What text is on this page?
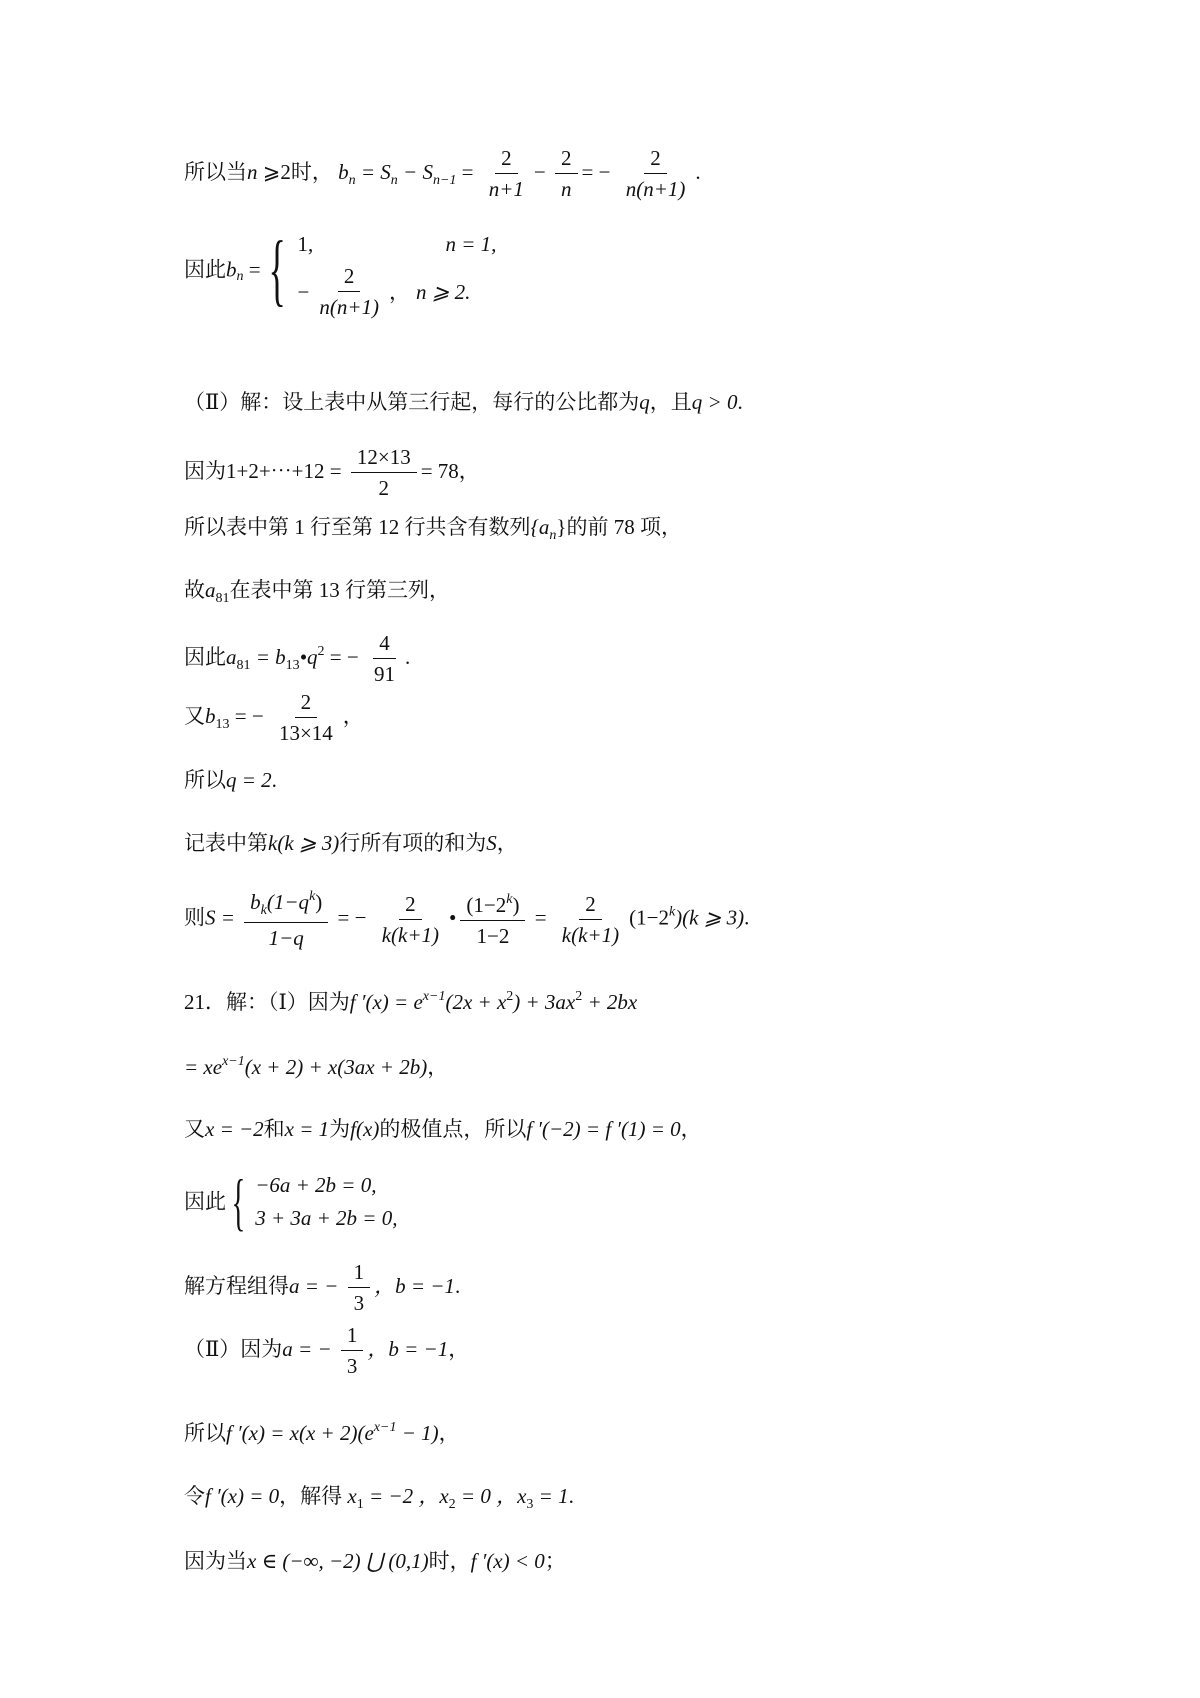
所以当n ⩾2时， $b_n = S_n - S_{n-1} = \frac{2}{n+1} - \frac{2}{n}$ = − $\frac{2}{n(n+1)}$ .
因此$b_n$ = { 1,	n = 1,
− $\frac{2}{n(n+1)}$ ， n ⩾ 2.
（Ⅱ）解：设上表中从第三行起，每行的公比都为q，且q > 0.
因为1+2+⋯+12 = $\frac{12\times 13}{2} = 78$，
所以表中第 1 行至第 12 行共含有数列$\{a_n\}$的前 78 项，
故$a_{81}$在表中第 13 行第三列，
因此$a_{81}$ = $b_{13}•q^2$ = − $\frac{4}{91}$ .
又$b_{13}$ = − $\frac{2}{13\times 14}$ ，
所以q = 2.
记表中第k(k ⩾ 3)行所有项的和为S，
则$S = \frac{b_k(1-q^k)}{1-q}$ = − $\frac{2}{k(k+1)}$ • $\frac{(1-2^k)}{1-2} = \frac{2}{k(k+1)} (1-2^k)(k$ ⩾ 3).
21．解：（Ⅰ）因为f $'(x) = e^{x-1}(2x + x^2) + 3ax^2 + 2bx$
= $xe^{x-1}(x + 2) + x(3ax + 2b)$，
又x = −2和x = 1为f(x)的极值点，所以f ′(−2) = f ′(1) = 0，
因此 { −6a + 2b = 0,
3 + 3a + 2b = 0,
解方程组得a = − $\frac{1}{3}$ ，b = −1.
（Ⅱ）因为a = − $\frac{1}{3}$ ，b = −1，
所以f $'(x) = x(x + 2)(e^{x-1} - 1)$，
令f ′(x) = 0，解得 $x_1 = -2$ ，$x_2 = 0$ ，$x_3 = 1$.
因为当x ∈ (−∞, −2) ⋃ (0,1)时，f ′(x) < 0；
